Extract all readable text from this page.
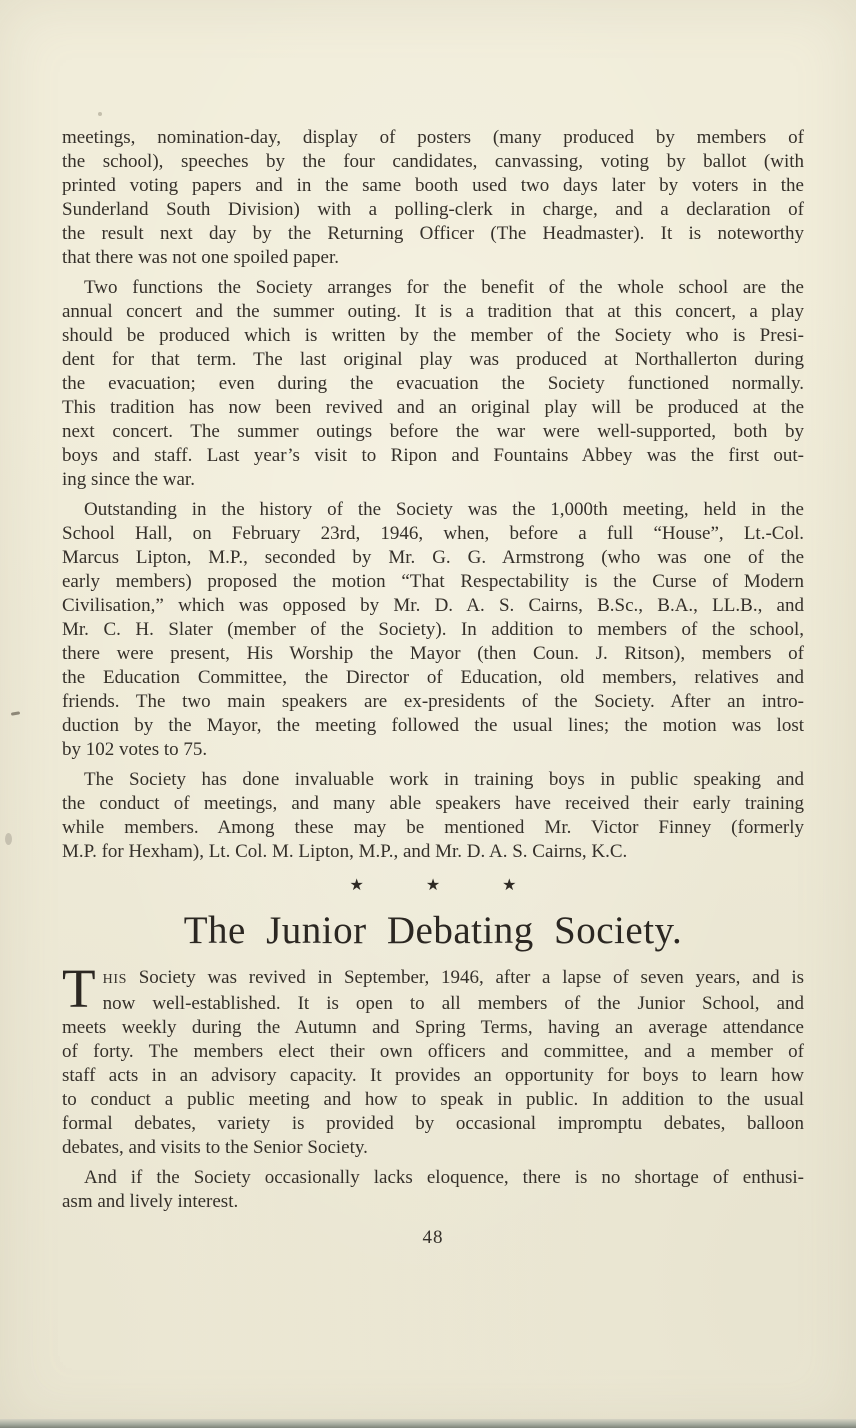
meetings, nomination-day, display of posters (many produced by members of
the school), speeches by the four candidates, canvassing, voting by ballot (with
printed voting papers and in the same booth used two days later by voters in the
Sunderland South Division) with a polling-clerk in charge, and a declaration of
the result next day by the Returning Officer (The Headmaster). It is noteworthy
that there was not one spoiled paper.
Two functions the Society arranges for the benefit of the whole school are the
annual concert and the summer outing. It is a tradition that at this concert, a play
should be produced which is written by the member of the Society who is Presi-
dent for that term. The last original play was produced at Northallerton during
the evacuation; even during the evacuation the Society functioned normally.
This tradition has now been revived and an original play will be produced at the
next concert. The summer outings before the war were well-supported, both by
boys and staff. Last year’s visit to Ripon and Fountains Abbey was the first out-
ing since the war.
Outstanding in the history of the Society was the 1,000th meeting, held in the
School Hall, on February 23rd, 1946, when, before a full “House”, Lt.-Col.
Marcus Lipton, M.P., seconded by Mr. G. G. Armstrong (who was one of the
early members) proposed the motion “That Respectability is the Curse of Modern
Civilisation,” which was opposed by Mr. D. A. S. Cairns, B.Sc., B.A., LL.B., and
Mr. C. H. Slater (member of the Society). In addition to members of the school,
there were present, His Worship the Mayor (then Coun. J. Ritson), members of
the Education Committee, the Director of Education, old members, relatives and
friends. The two main speakers are ex-presidents of the Society. After an intro-
duction by the Mayor, the meeting followed the usual lines; the motion was lost
by 102 votes to 75.
The Society has done invaluable work in training boys in public speaking and
the conduct of meetings, and many able speakers have received their early training
while members. Among these may be mentioned Mr. Victor Finney (formerly
M.P. for Hexham), Lt. Col. M. Lipton, M.P., and Mr. D. A. S. Cairns, K.C.
★	★	★
The Junior Debating Society.
T HIS Society was revived in September, 1946, after a lapse of seven years, and is
now well-established. It is open to all members of the Junior School, and
meets weekly during the Autumn and Spring Terms, having an average attendance
of forty. The members elect their own officers and committee, and a member of
staff acts in an advisory capacity. It provides an opportunity for boys to learn how
to conduct a public meeting and how to speak in public. In addition to the usual
formal debates, variety is provided by occasional impromptu debates, balloon
debates, and visits to the Senior Society.
And if the Society occasionally lacks eloquence, there is no shortage of enthusi-
asm and lively interest.
48
